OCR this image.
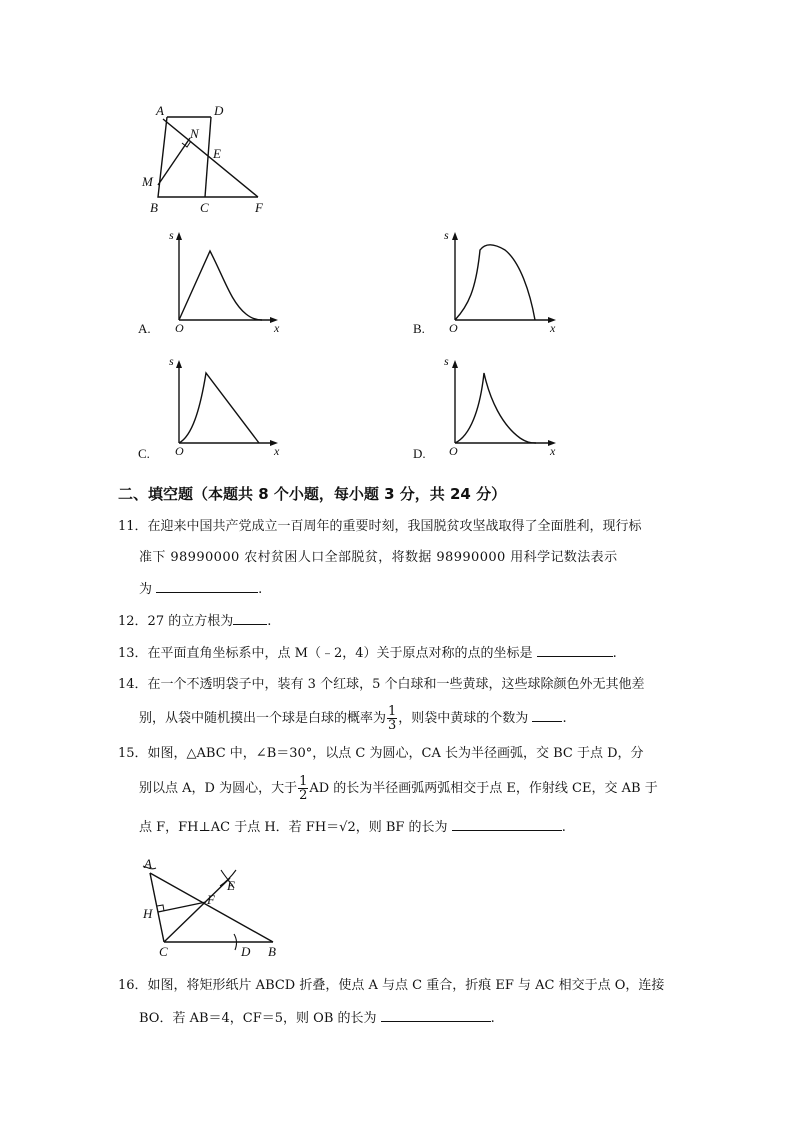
A	D
N
E
M
B	C	F
s
O	x
s
O	x
s
O	x
s
O	x
A.	B.
C.	D.
二、填空题（本题共 8 个小题，每小题 3 分，共 24 分）
11．在迎来中国共产党成立一百周年的重要时刻，我国脱贫攻坚战取得了全面胜利，现行标
准下 98990000 农村贫困人口全部脱贫，将数据 98990000 用科学记数法表示
为	.
12．27 的立方根为	.
13．在平面直角坐标系中，点 M（﹣2，4）关于原点对称的点的坐标是	.
14．在一个不透明袋子中，装有 3 个红球，5 个白球和一些黄球，这些球除颜色外无其他差
别，从袋中随机摸出一个球是白球的概率为 $\frac{1}{3}$ ，则袋中黄球的个数为 .
15．如图，△ABC 中，∠B＝30°，以点 C 为圆心，CA 长为半径画弧，交 BC 于点 D，分
别以点 A，D 为圆心，大于 $\frac{1}{2}$ AD 的长为半径画弧两弧相交于点 E，作射线 CE，交 AB 于
点 F，FH⊥AC 于点 H．若 FH＝√2，则 BF 的长为	.
A
E
F
H
C	D B
16．如图，将矩形纸片 ABCD 折叠，使点 A 与点 C 重合，折痕 EF 与 AC 相交于点 O，连接
BO．若 AB＝4，CF＝5，则 OB 的长为	.
